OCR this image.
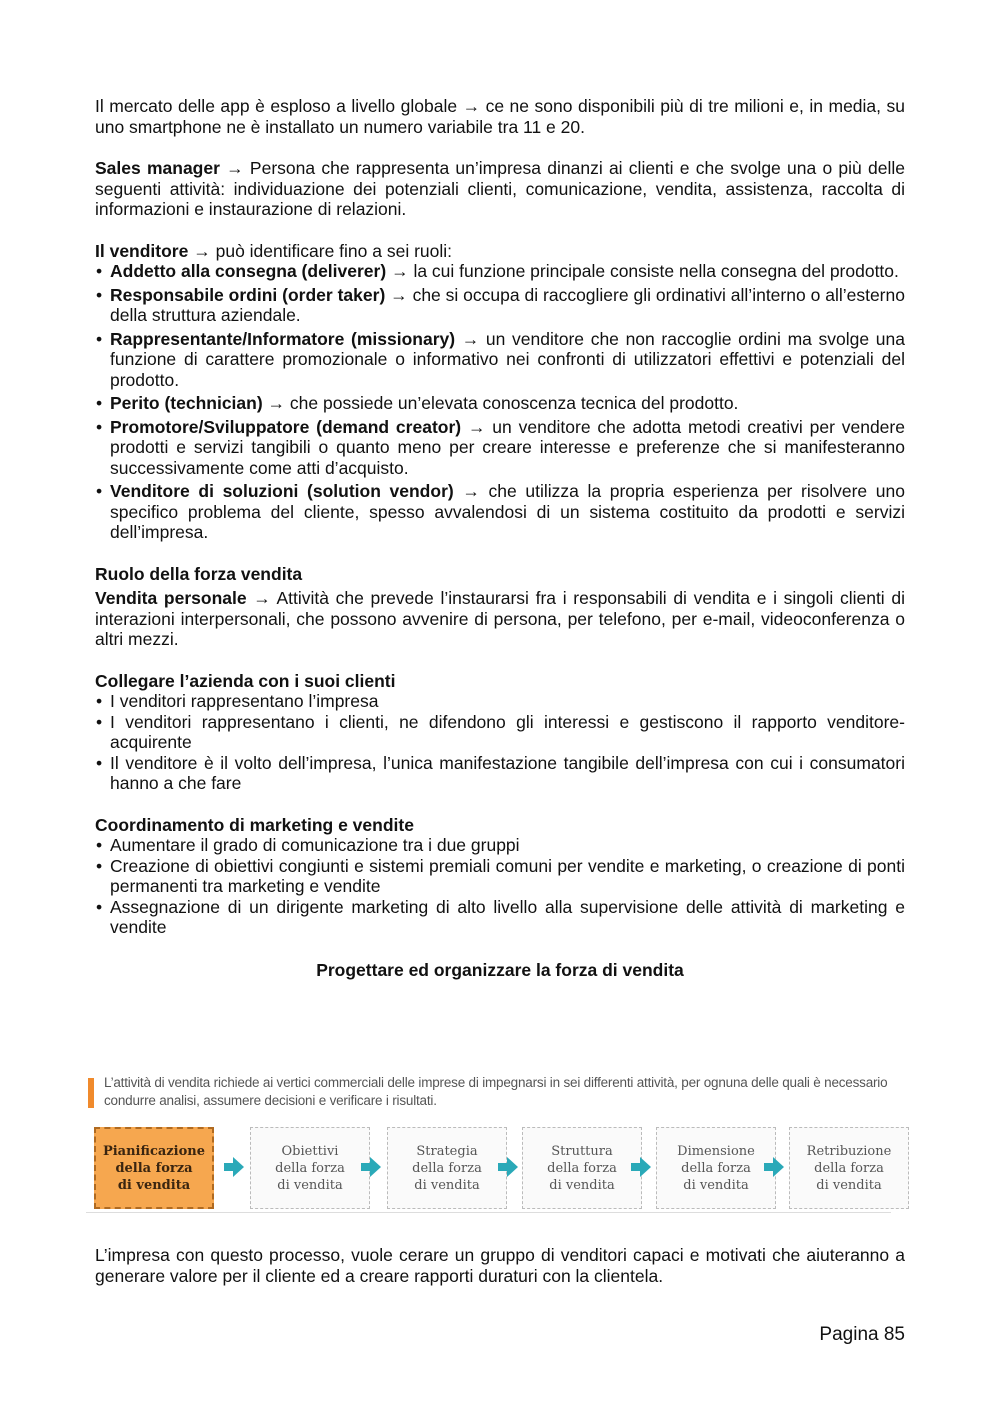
Il mercato delle app è esploso a livello globale → ce ne sono disponibili più di tre milioni e, in media, su uno smartphone ne è installato un numero variabile tra 11 e 20.

Sales manager → Persona che rappresenta un’impresa dinanzi ai clienti e che svolge una o più delle seguenti attività: individuazione dei potenziali clienti, comunicazione, vendita, assistenza, raccolta di informazioni e instaurazione di relazioni.

Il venditore → può identificare fino a sei ruoli:

• Addetto alla consegna (deliverer) → la cui funzione principale consiste nella consegna del prodotto.
• Responsabile ordini (order taker) → che si occupa di raccogliere gli ordinativi all’interno o all’esterno della struttura aziendale.
• Rappresentante/Informatore (missionary) → un venditore che non raccoglie ordini ma svolge una funzione di carattere promozionale o informativo nei confronti di utilizzatori effettivi e potenziali del prodotto.
• Perito (technician) → che possiede un’elevata conoscenza tecnica del prodotto.
• Promotore/Sviluppatore (demand creator) → un venditore che adotta metodi creativi per vendere prodotti e servizi tangibili o quanto meno per creare interesse e preferenze che si manifesteranno successivamente come atti d’acquisto.
• Venditore di soluzioni (solution vendor) → che utilizza la propria esperienza per risolvere uno specifico problema del cliente, spesso avvalendosi di un sistema costituito da prodotti e servizi dell’impresa.

Ruolo della forza vendita

Vendita personale → Attività che prevede l’instaurarsi fra i responsabili di vendita e i singoli clienti di interazioni interpersonali, che possono avvenire di persona, per telefono, per e-mail, videoconferenza o altri mezzi.

Collegare l’azienda con i suoi clienti

• I venditori rappresentano l’impresa
• I venditori rappresentano i clienti, ne difendono gli interessi e gestiscono il rapporto venditore-acquirente
• Il venditore è il volto dell’impresa, l’unica manifestazione tangibile dell’impresa con cui i consumatori hanno a che fare

Coordinamento di marketing e vendite

• Aumentare il grado di comunicazione tra i due gruppi
• Creazione di obiettivi congiunti e sistemi premiali comuni per vendite e marketing, o creazione di ponti permanenti tra marketing e vendite
• Assegnazione di un dirigente marketing di alto livello alla supervisione delle attività di marketing e vendite

Progettare ed organizzare la forza di vendita

L’attività di vendita richiede ai vertici commerciali delle imprese di impegnarsi in sei differenti attività, per ognuna delle quali è necessario condurre analisi, assumere decisioni e verificare i risultati.
Pianificazione
della forza
di vendita
Obiettivi
della forza
di vendita
Strategia
della forza
di vendita
Struttura
della forza
di vendita
Dimensione
della forza
di vendita
Retribuzione
della forza
di vendita

L’impresa con questo processo, vuole cerare un gruppo di venditori capaci e motivati che aiuteranno a generare valore per il cliente ed a creare rapporti duraturi con la clientela.

Pagina 85
